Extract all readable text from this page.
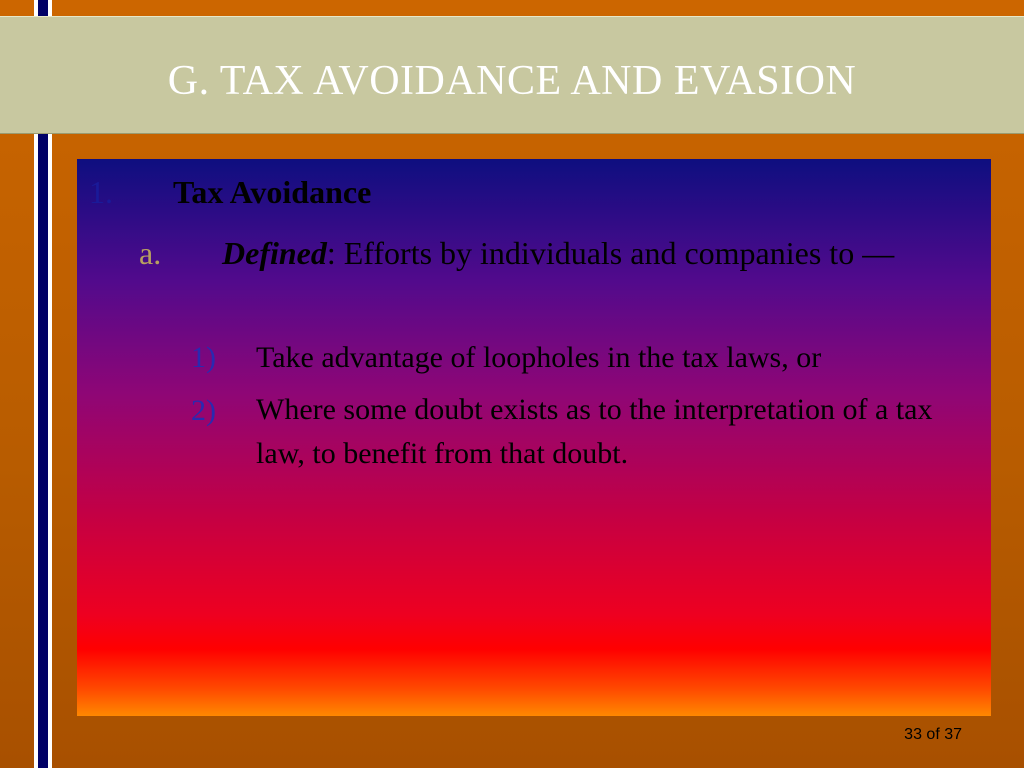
G. TAX AVOIDANCE AND EVASION
1. Tax Avoidance
a. Defined: Efforts by individuals and companies to —
1) Take advantage of loopholes in the tax laws, or
2) Where some doubt exists as to the interpretation of a tax law, to benefit from that doubt.
33 of 37
